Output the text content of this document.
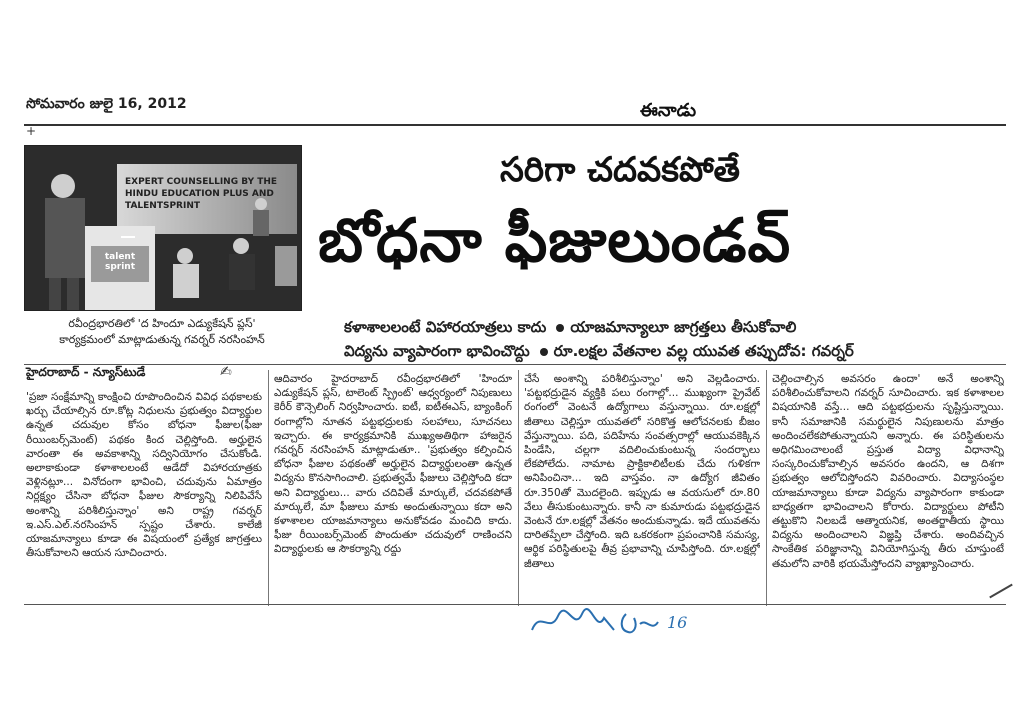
సోమవారం జులై 16, 2012	ఈనాడు
+
EXPERT COUNSELLING BY THE HINDU EDUCATION PLUS AND TALENTSPRINT
talent sprint
రవీంద్రభారతిలో 'ద హిందూ ఎడ్యుకేషన్ ప్లస్'
కార్యక్రమంలో మాట్లాడుతున్న గవర్నర్ నరసింహన్
సరిగా చదవకపోతే
బోధనా ఫీజులుండవ్
కళాశాలలంటే విహారయాత్రలు కాదు యాజమాన్యాలూ జాగ్రత్తలు తీసుకోవాలి
విద్యను వ్యాపారంగా భావించొద్దు రూ.లక్షల వేతనాల వల్ల యువత తప్పుదోవ: గవర్నర్
హైదరాబాద్ - న్యూస్‌టుడే	✍

'ప్రజా సంక్షేమాన్ని కాంక్షించి రూపొందించిన వివిధ పథకాలకు ఖర్చు చేయాల్సిన రూ.కోట్ల నిధులను ప్రభుత్వం విద్యార్థుల ఉన్నత చదువుల కోసం బోధనా ఫీజుల(ఫీజు రీయింబర్స్‌మెంట్) పథకం కింద చెల్లిస్తోంది. అర్హులైన వారంతా ఈ అవకాశాన్ని సద్వినియోగం చేసుకోండి. అలాకాకుండా కళాశాలలంటే ఆడేదో విహారయాత్రకు వెళ్లినట్లూ... వినోదంగా భావించి, చదువును ఏమాత్రం నిర్లక్ష్యం చేసినా బోధనా ఫీజుల సౌకర్యాన్ని నిలిపివేసే అంశాన్ని పరిశీలిస్తున్నాం' అని రాష్ట్ర గవర్నర్ ఇ.ఎస్.ఎల్.నరసింహన్ స్పష్టం చేశారు. కాలేజీ యాజమాన్యాలు కూడా ఈ విషయంలో ప్రత్యేక జాగ్రత్తలు తీసుకోవాలని ఆయన సూచించారు.

ఆదివారం హైదరాబాద్ రవీంద్రభారతిలో 'హిందూ ఎడ్యుకేషన్ ప్లస్, టాలెంట్ స్ప్రింట్' ఆధ్వర్యంలో నిపుణులు కెరీర్ కౌన్సెలింగ్ నిర్వహించారు. ఐటీ, ఐటీఈఎస్, బ్యాంకింగ్ రంగాల్లోని నూతన పట్టభద్రులకు సలహాలు, సూచనలు ఇచ్చారు. ఈ కార్యక్రమానికి ముఖ్యఅతిథిగా హాజరైన గవర్నర్ నరసింహన్ మాట్లాడుతూ.. 'ప్రభుత్వం కల్పించిన బోధనా ఫీజుల పథకంతో అర్హులైన విద్యార్థులంతా ఉన్నత విద్యను కొనసాగించాలి. ప్రభుత్వమే ఫీజులు చెల్లిస్తోంది కదా అని విద్యార్థులు... వారు చదివితే మార్కులే, చదవకపోతే మార్కులే, మా ఫీజులు మాకు అందుతున్నాయి కదా అని కళాశాలల యాజమాన్యాలు అనుకోవడం మంచిది కాదు. ఫీజు రీయింబర్స్‌మెంట్ పొందుతూ చదువులో రాణించని విద్యార్థులకు ఆ సౌకర్యాన్ని రద్దు

చేసే అంశాన్ని పరిశీలిస్తున్నాం' అని వెల్లడించారు. 'పట్టభద్రుడైన వ్యక్తికి పలు రంగాల్లో... ముఖ్యంగా ప్రైవేట్ రంగంలో వెంటనే ఉద్యోగాలు వస్తున్నాయి. రూ.లక్షల్లో జీతాలు చెల్లిస్తూ యువతలో సరికొత్త ఆలోచనలకు బీజం వేస్తున్నాయి. పది, పదిహేను సంవత్సరాల్లో ఆయువకెక్కిన పిండేసి, చల్లగా వదిలించుకుంటున్న సందర్భాలు లేకపోలేదు. నామాట ప్రాక్టికాలిటీలకు చేదు గుళికగా అనిపించినా... ఇది వాస్తవం. నా ఉద్యోగ జీవితం రూ.350తో మొదలైంది. ఇప్పుడు ఆ వయసులో రూ.80 వేలు తీసుకుంటున్నారు. కానీ నా కుమారుడు పట్టభద్రుడైన వెంటనే రూ.లక్షల్లో వేతనం అందుకున్నాడు. ఇదే యువతను దారితప్పేలా చేస్తోంది. ఇది ఒకరకంగా ప్రపంచానికి సమస్య, ఆర్థిక పరిస్థితులపై తీవ్ర ప్రభావాన్ని చూపిస్తోంది. రూ.లక్షల్లో జీతాలు

చెల్లించాల్సిన అవసరం ఉందా' అనే అంశాన్ని పరిశీలించుకోవాలని గవర్నర్ సూచించారు. ఇక కళాశాలల విషయానికి వస్తే... ఆది పట్టభద్రులను సృష్టిస్తున్నాయి. కానీ సమాజానికి సమర్థులైన నిపుణులను మాత్రం అందించలేకపోతున్నాయని అన్నారు. ఈ పరిస్థితులను అధిగమించాలంటే ప్రస్తుత విద్యా విధానాన్ని సంస్కరించుకోవాల్సిన అవసరం ఉందని, ఆ దిశగా ప్రభుత్వం ఆలోచిస్తోందని వివరించారు. విద్యాసంస్థల యాజమాన్యాలు కూడా విద్యను వ్యాపారంగా కాకుండా బాధ్యతగా భావించాలని కోరారు. విద్యార్థులు పోటీని తట్టుకొని నిలబడే ఆత్మాయనిక, అంతర్జాతీయ స్థాయి విద్యను అందించాలని విజ్ఞప్తి చేశారు. అందివచ్చిన సాంకేతిక పరిజ్ఞానాన్ని వినియోగిస్తున్న తీరు చూస్తుంటే తమలోని వారికి భయమేస్తోందని వ్యాఖ్యానించారు.

16
